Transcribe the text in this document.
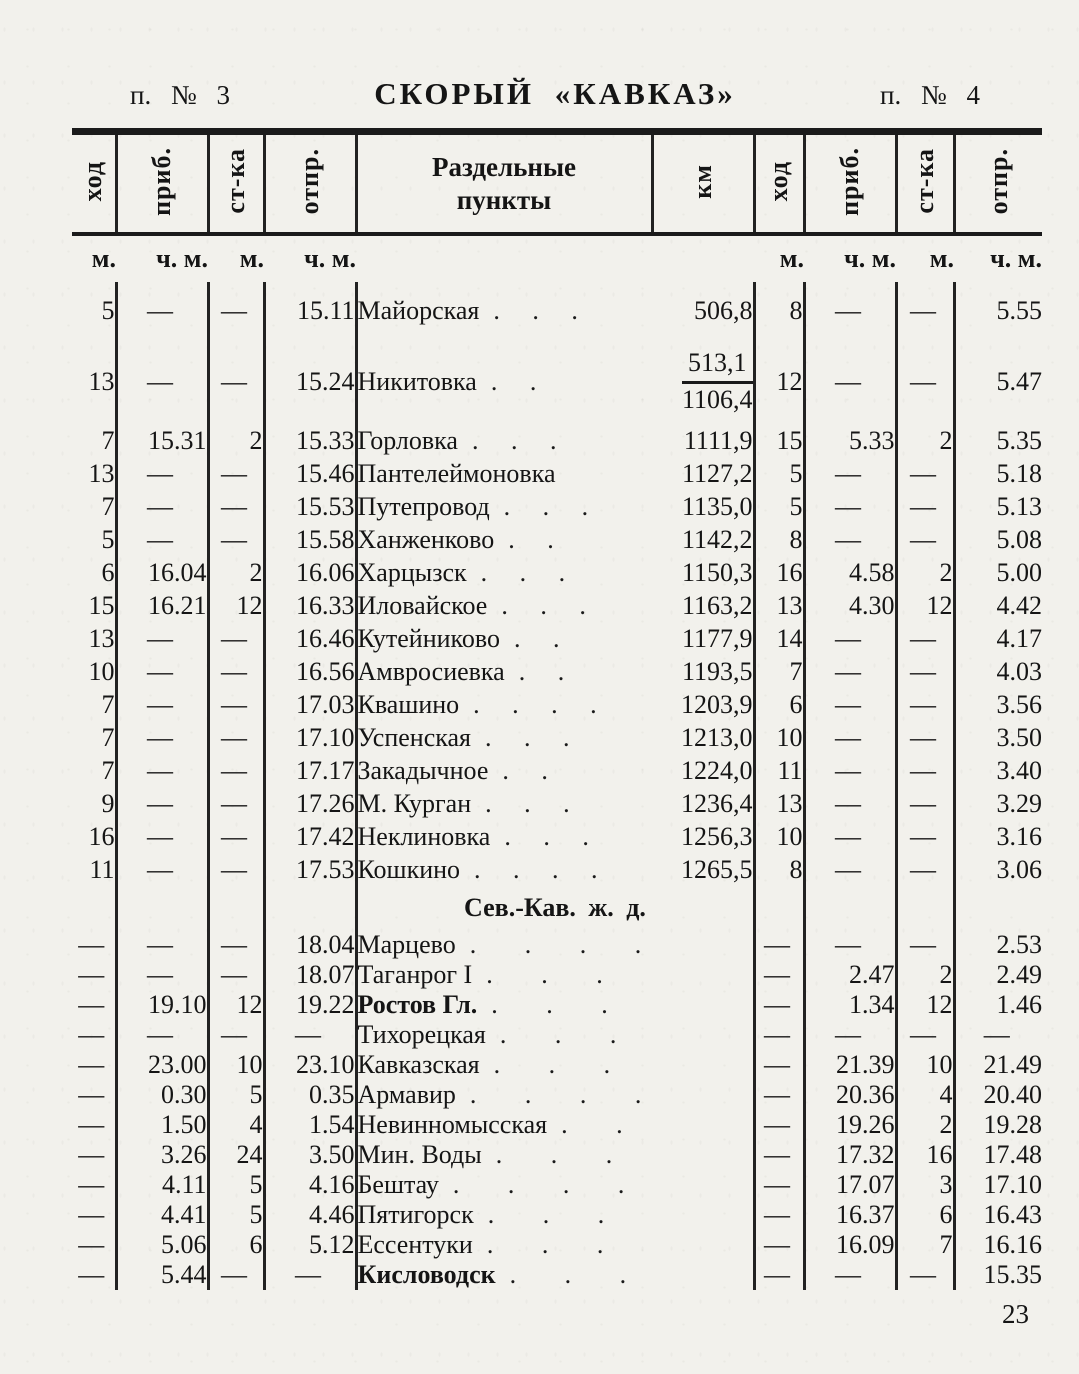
п. № 3	СКОРЫЙ «КАВКАЗ»	п. № 4
ход	приб.	ст-ка	отпр.	Раздельные
пункты	км	ход	приб.	ст-ка	отпр.
м.	ч. м.	м.	ч. м.			м.	ч. м.	м.	ч. м.
5	—	—	15.11	Майорская . . .	506,8	8	—	—	5.55
13	—	—	15.24	Никитовка . .	$\frac{513,1}{1106,4}$	12	—	—	5.47
7	15.31	2	15.33	Горловка . . .	1111,9	15	5.33	2	5.35
13	—	—	15.46	Пантелеймоновка	1127,2	5	—	—	5.18
7	—	—	15.53	Путепровод . . .	1135,0	5	—	—	5.13
5	—	—	15.58	Ханженково . .	1142,2	8	—	—	5.08
6	16.04	2	16.06	Харцызск . . .	1150,3	16	4.58	2	5.00
15	16.21	12	16.33	Иловайское . . .	1163,2	13	4.30	12	4.42
13	—	—	16.46	Кутейниково . .	1177,9	14	—	—	4.17
10	—	—	16.56	Амвросиевка . .	1193,5	7	—	—	4.03
7	—	—	17.03	Квашино . . . .	1203,9	6	—	—	3.56
7	—	—	17.10	Успенская . . .	1213,0	10	—	—	3.50
7	—	—	17.17	Закадычное . .	1224,0	11	—	—	3.40
9	—	—	17.26	М. Курган . . .	1236,4	13	—	—	3.29
16	—	—	17.42	Неклиновка . . .	1256,3	10	—	—	3.16
11	—	—	17.53	Кошкино . . . .	1265,5	8	—	—	3.06
				Сев.-Кав. ж. д.					
—	—	—	18.04	Марцево . . . .		—	—	—	2.53
—	—	—	18.07	Таганрог I . . .		—	2.47	2	2.49
—	19.10	12	19.22	Ростов Гл. . . .		—	1.34	12	1.46
—	—	—	—	Тихорецкая . . .		—	—	—	—
—	23.00	10	23.10	Кавказская . . .		—	21.39	10	21.49
—	0.30	5	0.35	Армавир . . . .		—	20.36	4	20.40
—	1.50	4	1.54	Невинномысская . .		—	19.26	2	19.28
—	3.26	24	3.50	Мин. Воды . . .		—	17.32	16	17.48
—	4.11	5	4.16	Бештау . . . .		—	17.07	3	17.10
—	4.41	5	4.46	Пятигорск . . .		—	16.37	6	16.43
—	5.06	6	5.12	Ессентуки . . .		—	16.09	7	16.16
—	5.44	—	—	Кисловодск . . .		—	—	—	15.35
23
